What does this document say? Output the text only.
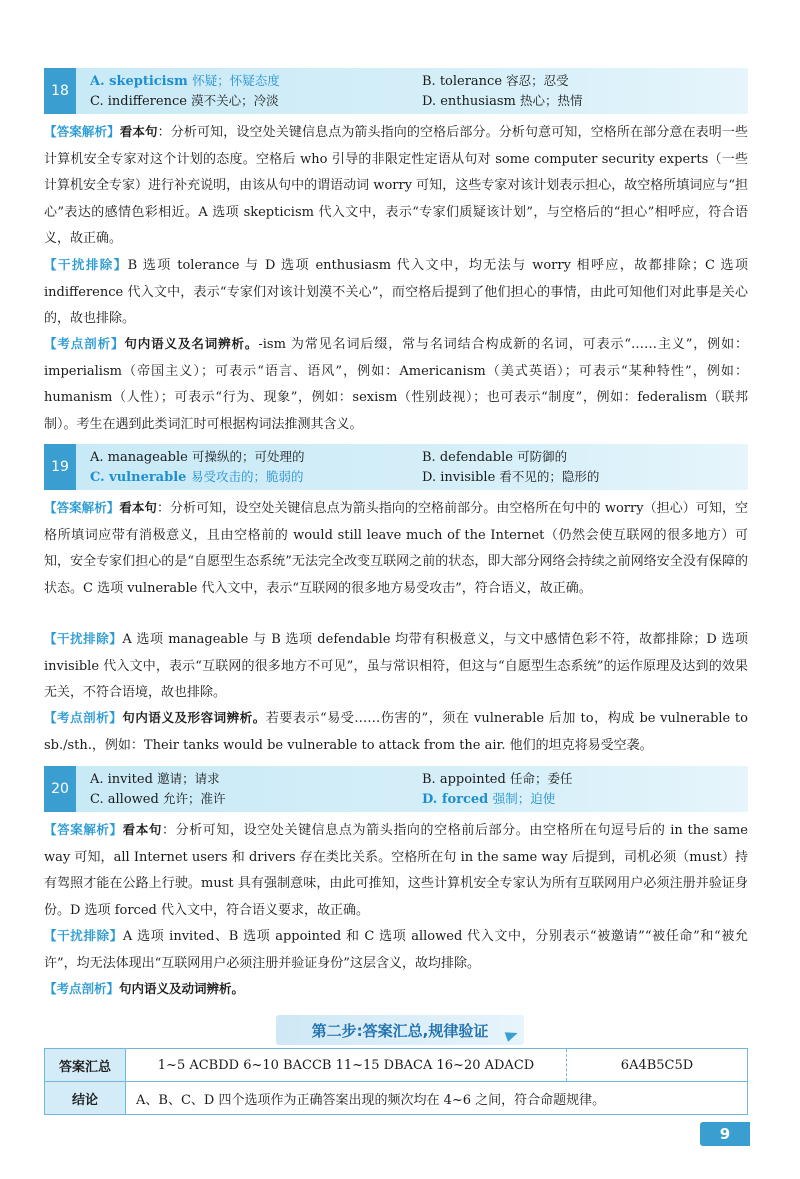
18
A. skepticism 怀疑；怀疑态度	B. tolerance 容忍；忍受
C. indifference 漠不关心；冷淡	D. enthusiasm 热心；热情
【答案解析】看本句：分析可知，设空处关键信息点为箭头指向的空格后部分。分析句意可知，空格所在部分意在表明一些计算机安全专家对这个计划的态度。空格后 who 引导的非限定性定语从句对 some computer security experts（一些计算机安全专家）进行补充说明，由该从句中的谓语动词 worry 可知，这些专家对该计划表示担心，故空格所填词应与“担心”表达的感情色彩相近。A 选项 skepticism 代入文中，表示“专家们质疑该计划”，与空格后的“担心”相呼应，符合语义，故正确。
【干扰排除】B 选项 tolerance 与 D 选项 enthusiasm 代入文中，均无法与 worry 相呼应，故都排除；C 选项 indifference 代入文中，表示“专家们对该计划漠不关心”，而空格后提到了他们担心的事情，由此可知他们对此事是关心的，故也排除。
【考点剖析】句内语义及名词辨析。-ism 为常见名词后缀，常与名词结合构成新的名词，可表示“……主义”，例如：imperialism（帝国主义）；可表示“语言、语风”，例如：Americanism（美式英语）；可表示“某种特性”，例如：humanism（人性）；可表示“行为、现象”，例如：sexism（性别歧视）；也可表示“制度”，例如：federalism（联邦制）。考生在遇到此类词汇时可根据构词法推测其含义。
19
A. manageable 可操纵的；可处理的	B. defendable 可防御的
C. vulnerable 易受攻击的；脆弱的	D. invisible 看不见的；隐形的
【答案解析】看本句：分析可知，设空处关键信息点为箭头指向的空格前部分。由空格所在句中的 worry（担心）可知，空格所填词应带有消极意义，且由空格前的 would still leave much of the Internet（仍然会使互联网的很多地方）可知，安全专家们担心的是“自愿型生态系统”无法完全改变互联网之前的状态，即大部分网络会持续之前网络安全没有保障的状态。C 选项 vulnerable 代入文中，表示“互联网的很多地方易受攻击”，符合语义，故正确。
【干扰排除】A 选项 manageable 与 B 选项 defendable 均带有积极意义，与文中感情色彩不符，故都排除；D 选项 invisible 代入文中，表示“互联网的很多地方不可见”，虽与常识相符，但这与“自愿型生态系统”的运作原理及达到的效果无关，不符合语境，故也排除。
【考点剖析】句内语义及形容词辨析。若要表示“易受……伤害的”，须在 vulnerable 后加 to，构成 be vulnerable to sb./sth.，例如：Their tanks would be vulnerable to attack from the air. 他们的坦克将易受空袭。
20
A. invited 邀请；请求	B. appointed 任命；委任
C. allowed 允许；准许	D. forced 强制；迫使
【答案解析】看本句：分析可知，设空处关键信息点为箭头指向的空格前后部分。由空格所在句逗号后的 in the same way 可知，all Internet users 和 drivers 存在类比关系。空格所在句 in the same way 后提到，司机必须（must）持有驾照才能在公路上行驶。must 具有强制意味，由此可推知，这些计算机安全专家认为所有互联网用户必须注册并验证身份。D 选项 forced 代入文中，符合语义要求，故正确。
【干扰排除】A 选项 invited、B 选项 appointed 和 C 选项 allowed 代入文中，分别表示“被邀请”“被任命”和“被允许”，均无法体现出“互联网用户必须注册并验证身份”这层含义，故均排除。
【考点剖析】句内语义及动词辨析。
第二步:答案汇总,规律验证
答案汇总	1~5 ACBDD 6~10 BACCB 11~15 DBACA 16~20 ADACD	6A4B5C5D
结论	A、B、C、D 四个选项作为正确答案出现的频次均在 4~6 之间，符合命题规律。	
9
